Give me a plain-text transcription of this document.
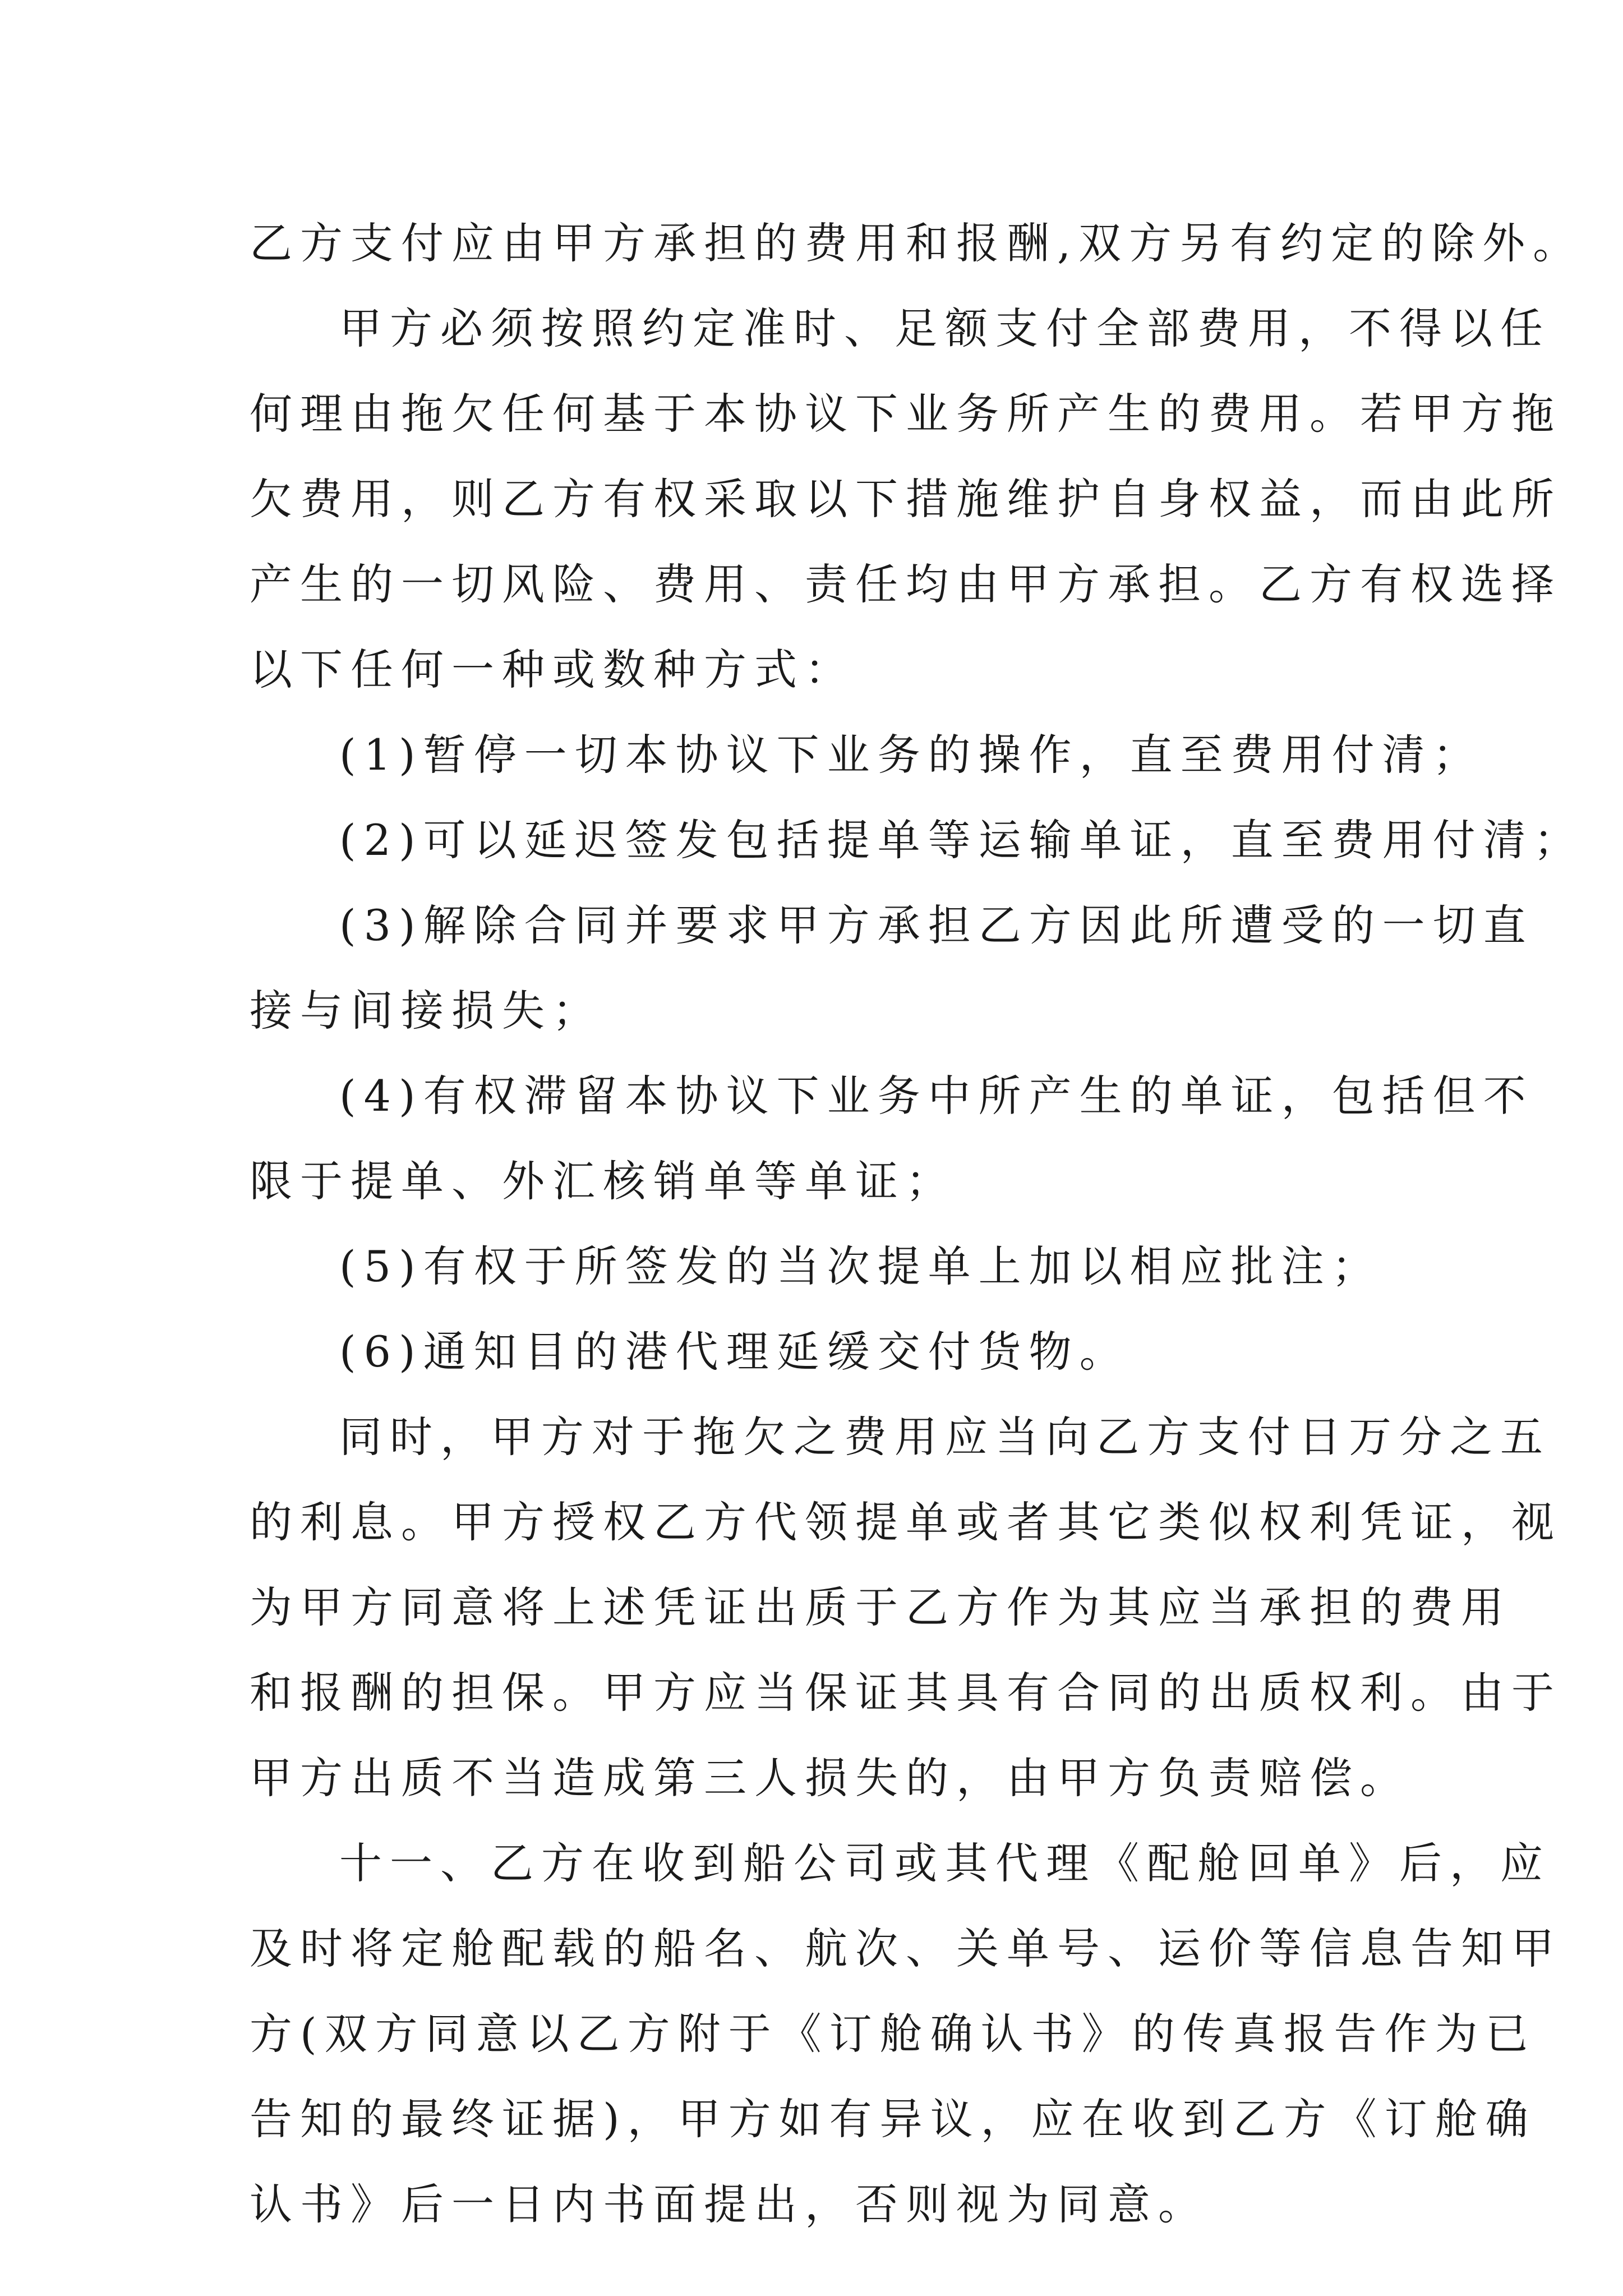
乙方支付应由甲方承担的费用和报酬,双方另有约定的除外。
甲方必须按照约定准时、足额支付全部费用，不得以任
何理由拖欠任何基于本协议下业务所产生的费用。若甲方拖
欠费用，则乙方有权采取以下措施维护自身权益，而由此所
产生的一切风险、费用、责任均由甲方承担。乙方有权选择
以下任何一种或数种方式：
(1)暂停一切本协议下业务的操作，直至费用付清；
(2)可以延迟签发包括提单等运输单证，直至费用付清；
(3)解除合同并要求甲方承担乙方因此所遭受的一切直
接与间接损失；
(4)有权滞留本协议下业务中所产生的单证，包括但不
限于提单、外汇核销单等单证；
(5)有权于所签发的当次提单上加以相应批注；
(6)通知目的港代理延缓交付货物。
同时，甲方对于拖欠之费用应当向乙方支付日万分之五
的利息。甲方授权乙方代领提单或者其它类似权利凭证，视
为甲方同意将上述凭证出质于乙方作为其应当承担的费用
和报酬的担保。甲方应当保证其具有合同的出质权利。由于
甲方出质不当造成第三人损失的，由甲方负责赔偿。
十一、乙方在收到船公司或其代理《配舱回单》后，应
及时将定舱配载的船名、航次、关单号、运价等信息告知甲
方(双方同意以乙方附于《订舱确认书》的传真报告作为已
告知的最终证据)，甲方如有异议，应在收到乙方《订舱确
认书》后一日内书面提出，否则视为同意。
